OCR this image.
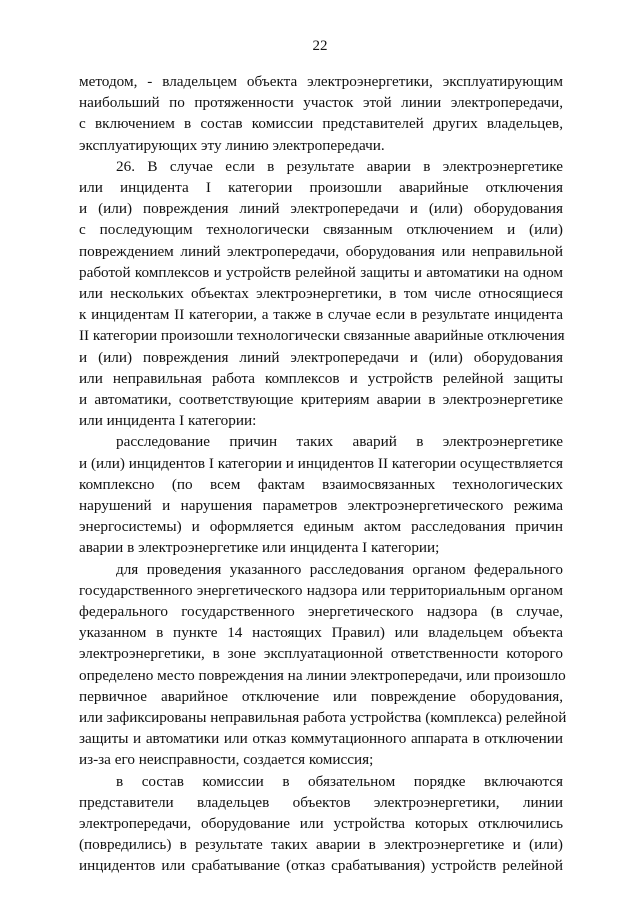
22
методом, - владельцем объекта электроэнергетики, эксплуатирующим
наибольший по протяженности участок этой линии электропередачи,
с включением в состав комиссии представителей других владельцев,
эксплуатирующих эту линию электропередачи.
26. В случае если в результате аварии в электроэнергетике
или инцидента I категории произошли аварийные отключения
и (или) повреждения линий электропередачи и (или) оборудования
с последующим технологически связанным отключением и (или)
повреждением линий электропередачи, оборудования или неправильной
работой комплексов и устройств релейной защиты и автоматики на одном
или нескольких объектах электроэнергетики, в том числе относящиеся
к инцидентам II категории, а также в случае если в результате инцидента
II категории произошли технологически связанные аварийные отключения
и (или) повреждения линий электропередачи и (или) оборудования
или неправильная работа комплексов и устройств релейной защиты
и автоматики, соответствующие критериям аварии в электроэнергетике
или инцидента I категории:
расследование причин таких аварий в электроэнергетике
и (или) инцидентов I категории и инцидентов II категории осуществляется
комплексно (по всем фактам взаимосвязанных технологических
нарушений и нарушения параметров электроэнергетического режима
энергосистемы) и оформляется единым актом расследования причин
аварии в электроэнергетике или инцидента I категории;
для проведения указанного расследования органом федерального
государственного энергетического надзора или территориальным органом
федерального государственного энергетического надзора (в случае,
указанном в пункте 14 настоящих Правил) или владельцем объекта
электроэнергетики, в зоне эксплуатационной ответственности которого
определено место повреждения на линии электропередачи, или произошло
первичное аварийное отключение или повреждение оборудования,
или зафиксированы неправильная работа устройства (комплекса) релейной
защиты и автоматики или отказ коммутационного аппарата в отключении
из-за его неисправности, создается комиссия;
в состав комиссии в обязательном порядке включаются
представители владельцев объектов электроэнергетики, линии
электропередачи, оборудование или устройства которых отключились
(повредились) в результате таких аварии в электроэнергетике и (или)
инцидентов или срабатывание (отказ срабатывания) устройств релейной
